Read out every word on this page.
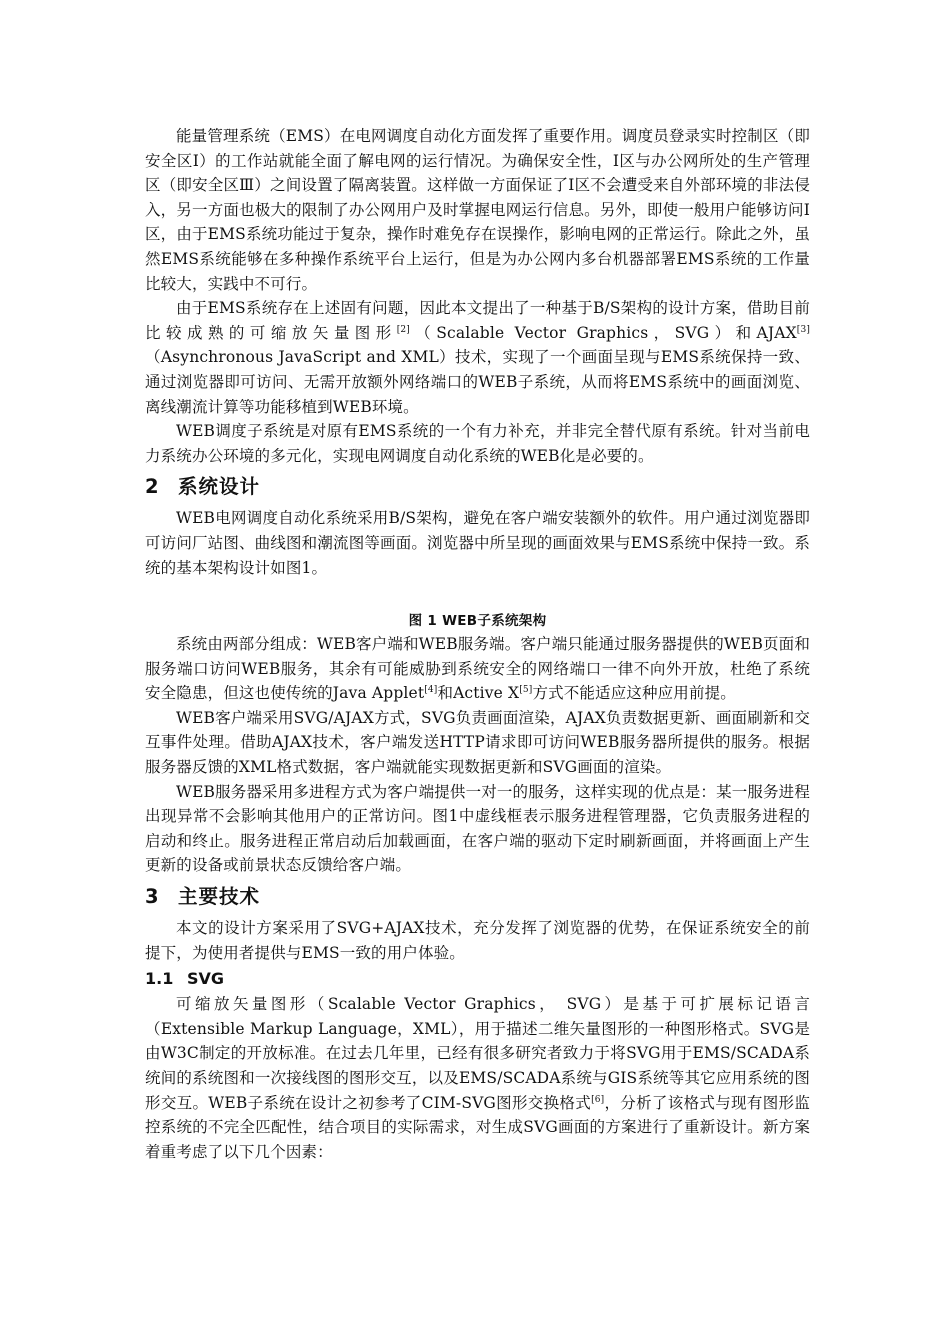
能量管理系统（EMS）在电网调度自动化方面发挥了重要作用。调度员登录实时控制区（即安全区Ⅰ）的工作站就能全面了解电网的运行情况。为确保安全性，Ⅰ区与办公网所处的生产管理区（即安全区Ⅲ）之间设置了隔离装置。这样做一方面保证了Ⅰ区不会遭受来自外部环境的非法侵入，另一方面也极大的限制了办公网用户及时掌握电网运行信息。另外，即使一般用户能够访问Ⅰ区，由于EMS系统功能过于复杂，操作时难免存在误操作，影响电网的正常运行。除此之外，虽然EMS系统能够在多种操作系统平台上运行，但是为办公网内多台机器部署EMS系统的工作量比较大，实践中不可行。

由于EMS系统存在上述固有问题，因此本文提出了一种基于B/S架构的设计方案，借助目前比较成熟的可缩放矢量图形[2]（Scalable Vector Graphics，SVG）和AJAX[3]（Asynchronous JavaScript and XML）技术，实现了一个画面呈现与EMS系统保持一致、通过浏览器即可访问、无需开放额外网络端口的WEB子系统，从而将EMS系统中的画面浏览、离线潮流计算等功能移植到WEB环境。

WEB调度子系统是对原有EMS系统的一个有力补充，并非完全替代原有系统。针对当前电力系统办公环境的多元化，实现电网调度自动化系统的WEB化是必要的。

2 系统设计

WEB电网调度自动化系统采用B/S架构，避免在客户端安装额外的软件。用户通过浏览器即可访问厂站图、曲线图和潮流图等画面。浏览器中所呈现的画面效果与EMS系统中保持一致。系统的基本架构设计如图1。

图 1 WEB子系统架构

系统由两部分组成：WEB客户端和WEB服务端。客户端只能通过服务器提供的WEB页面和服务端口访问WEB服务，其余有可能威胁到系统安全的网络端口一律不向外开放，杜绝了系统安全隐患，但这也使传统的Java Applet[4]和Active X[5]方式不能适应这种应用前提。

WEB客户端采用SVG/AJAX方式，SVG负责画面渲染，AJAX负责数据更新、画面刷新和交互事件处理。借助AJAX技术，客户端发送HTTP请求即可访问WEB服务器所提供的服务。根据服务器反馈的XML格式数据，客户端就能实现数据更新和SVG画面的渲染。

WEB服务器采用多进程方式为客户端提供一对一的服务，这样实现的优点是：某一服务进程出现异常不会影响其他用户的正常访问。图1中虚线框表示服务进程管理器，它负责服务进程的启动和终止。服务进程正常启动后加载画面，在客户端的驱动下定时刷新画面，并将画面上产生更新的设备或前景状态反馈给客户端。

3 主要技术

本文的设计方案采用了SVG+AJAX技术，充分发挥了浏览器的优势，在保证系统安全的前提下，为使用者提供与EMS一致的用户体验。

1.1 SVG

可缩放矢量图形（Scalable Vector Graphics， SVG）是基于可扩展标记语言（Extensible Markup Language，XML），用于描述二维矢量图形的一种图形格式。SVG是由W3C制定的开放标准。在过去几年里，已经有很多研究者致力于将SVG用于EMS/SCADA系统间的系统图和一次接线图的图形交互，以及EMS/SCADA系统与GIS系统等其它应用系统的图形交互。WEB子系统在设计之初参考了CIM-SVG图形交换格式[6]，分析了该格式与现有图形监控系统的不完全匹配性，结合项目的实际需求，对生成SVG画面的方案进行了重新设计。新方案着重考虑了以下几个因素：
